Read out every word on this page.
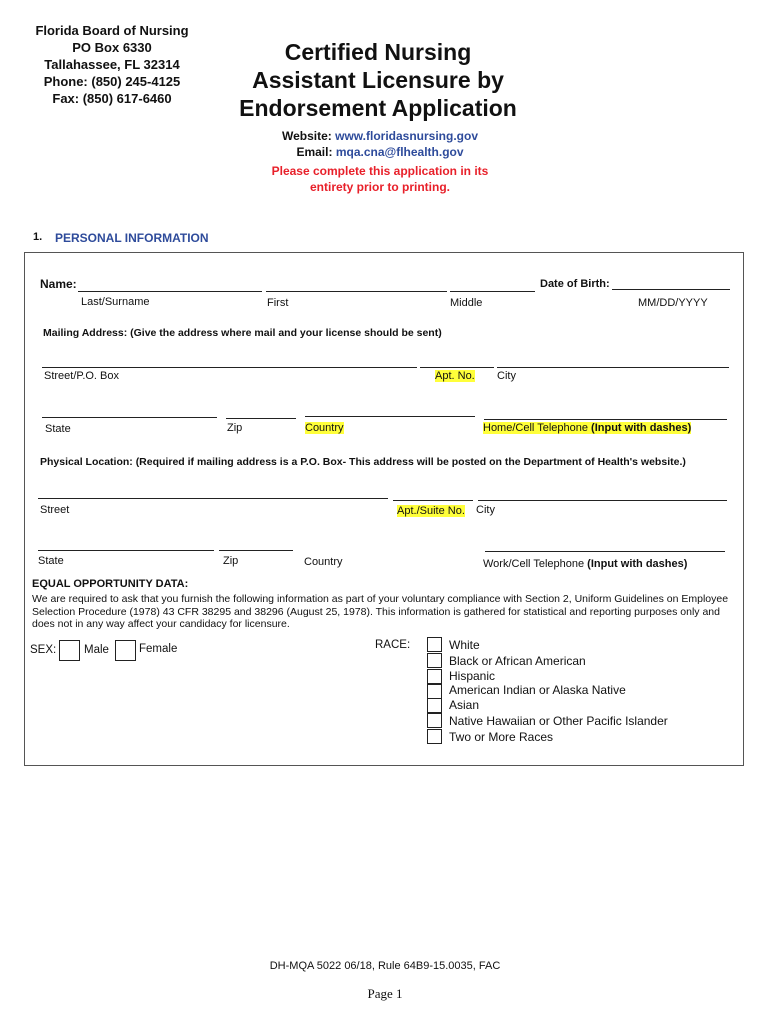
Florida Board of Nursing
PO Box 6330
Tallahassee, FL 32314
Phone: (850) 245-4125
Fax: (850) 617-6460
Certified Nursing
Assistant Licensure by
Endorsement Application
Website: www.floridasnursing.gov
Email: mqa.cna@flhealth.gov
Please complete this application in its
entirety prior to printing.
1. PERSONAL INFORMATION
Name:	Date of Birth:
Last/Surname	First	Middle	MM/DD/YYYY
Mailing Address: (Give the address where mail and your license should be sent)
Street/P.O. Box	Apt. No. City
State	Zip	Country	Home/Cell Telephone (Input with dashes)
Physical Location: (Required if mailing address is a P.O. Box- This address will be posted on the Department of Health's website.)
Street	Apt./Suite No. City
State	Zip	Country	Work/Cell Telephone (Input with dashes)
EQUAL OPPORTUNITY DATA:
We are required to ask that you furnish the following information as part of your voluntary compliance with Section 2, Uniform Guidelines on Employee Selection Procedure (1978) 43 CFR 38295 and 38296 (August 25, 1978). This information is gathered for statistical and reporting purposes only and does not in any way affect your candidacy for licensure.
SEX: Male	Female	RACE:	White
Black or African American
Hispanic
American Indian or Alaska Native
Asian
Native Hawaiian or Other Pacific Islander
Two or More Races
DH-MQA 5022 06/18, Rule 64B9-15.0035, FAC
Page 1
